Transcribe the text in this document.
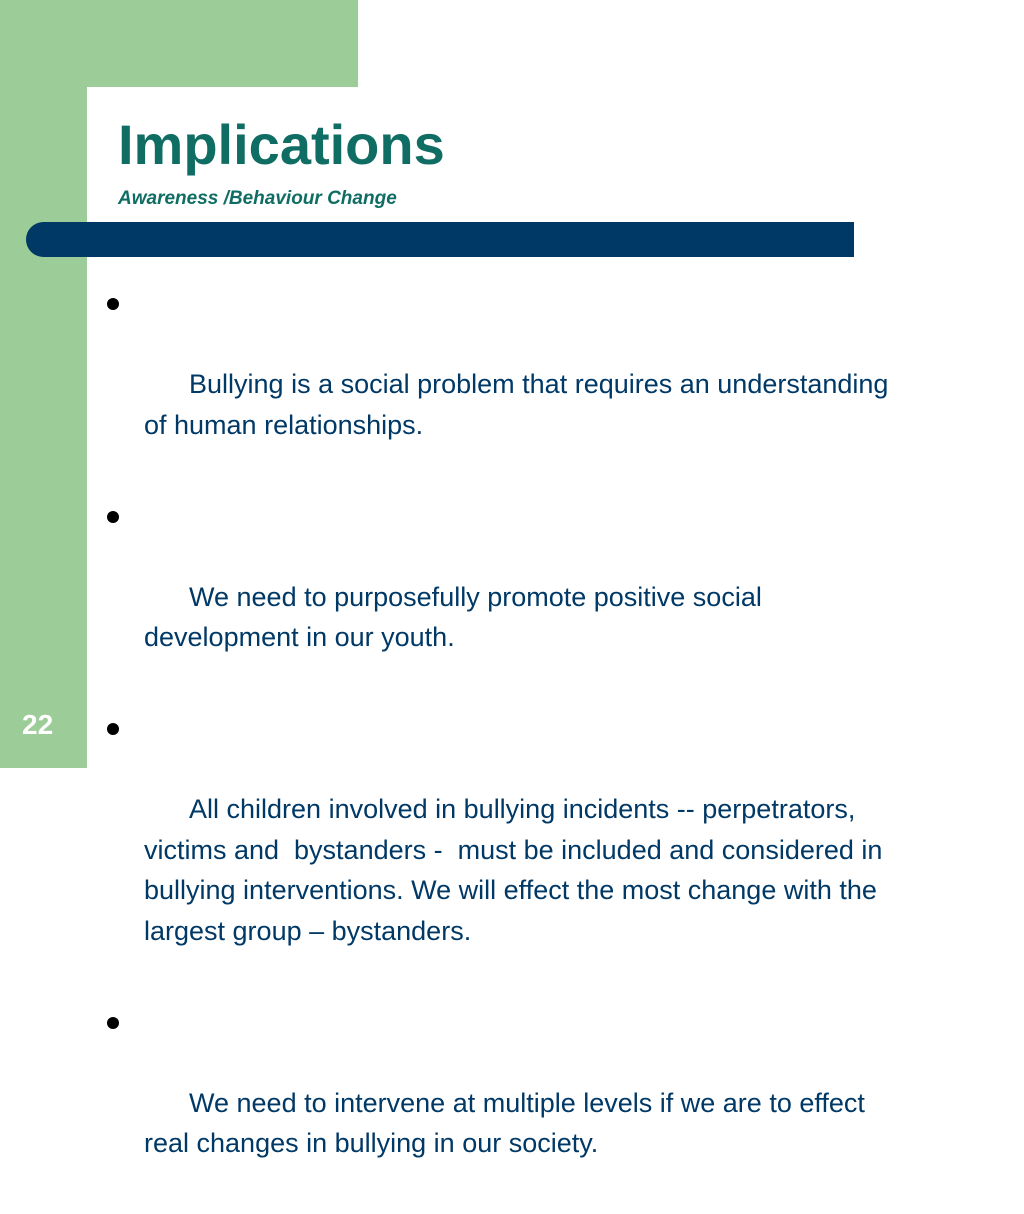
Implications
Awareness /Behaviour Change

Bullying is a social problem that requires an understanding of human relationships.

We need to purposefully promote positive social development in our youth.

All children involved in bullying incidents -- perpetrators, victims and  bystanders -  must be included and considered in bullying interventions. We will effect the most change with the largest group – bystanders.

We need to intervene at multiple levels if we are to effect real changes in bullying in our society.

22
